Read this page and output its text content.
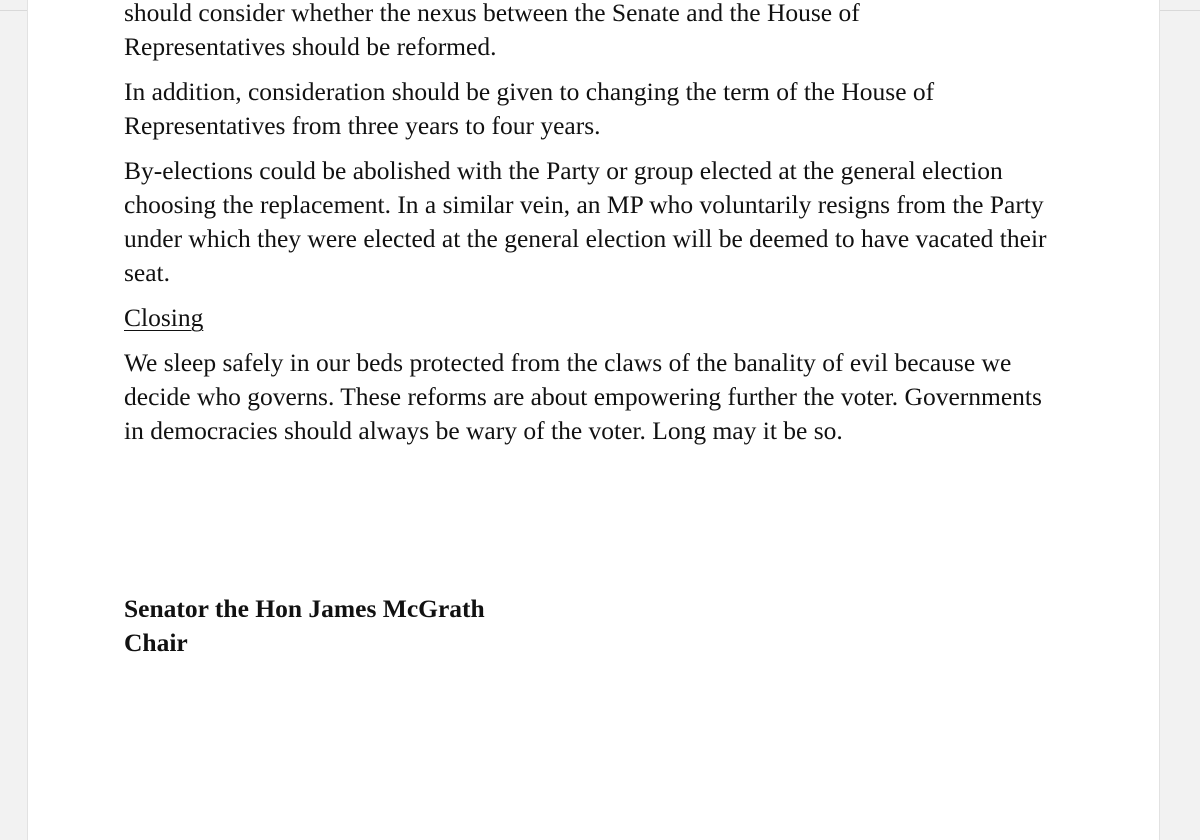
should consider whether the nexus between the Senate and the House of

Representatives should be reformed.

In addition, consideration should be given to changing the term of the House of Representatives from three years to four years.

By-elections could be abolished with the Party or group elected at the general election choosing the replacement. In a similar vein, an MP who voluntarily resigns from the Party under which they were elected at the general election will be deemed to have vacated their seat.

Closing

We sleep safely in our beds protected from the claws of the banality of evil because we decide who governs. These reforms are about empowering further the voter. Governments in democracies should always be wary of the voter. Long may it be so.

Senator the Hon James McGrath
Chair
